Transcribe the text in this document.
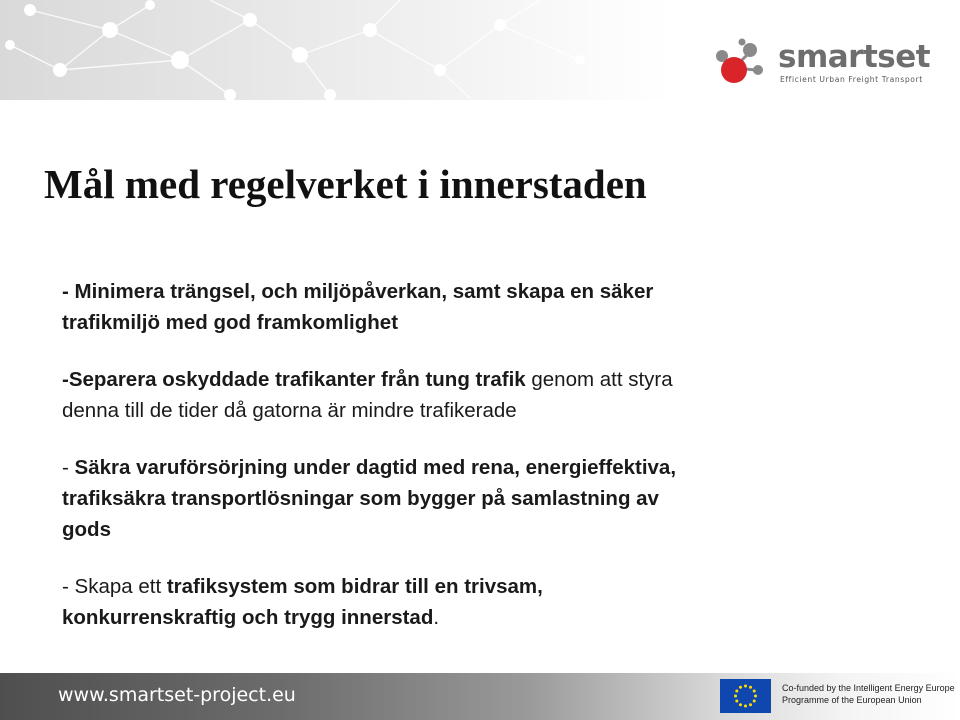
smartset
Efficient Urban Freight Transport
Mål med regelverket i innerstaden
- Minimera trängsel, och miljöpåverkan, samt skapa en säker
trafikmiljö med god framkomlighet
-Separera oskyddade trafikanter från tung trafik genom att styra
denna till de tider då gatorna är mindre trafikerade
- Säkra varuförsörjning under dagtid med rena, energieffektiva,
trafiksäkra transportlösningar som bygger på samlastning av
gods
- Skapa ett trafiksystem som bidrar till en trivsam,
konkurrenskraftig och trygg innerstad.
www.smartset-project.eu	Co-funded by the Intelligent Energy Europe
Programme of the European Union
